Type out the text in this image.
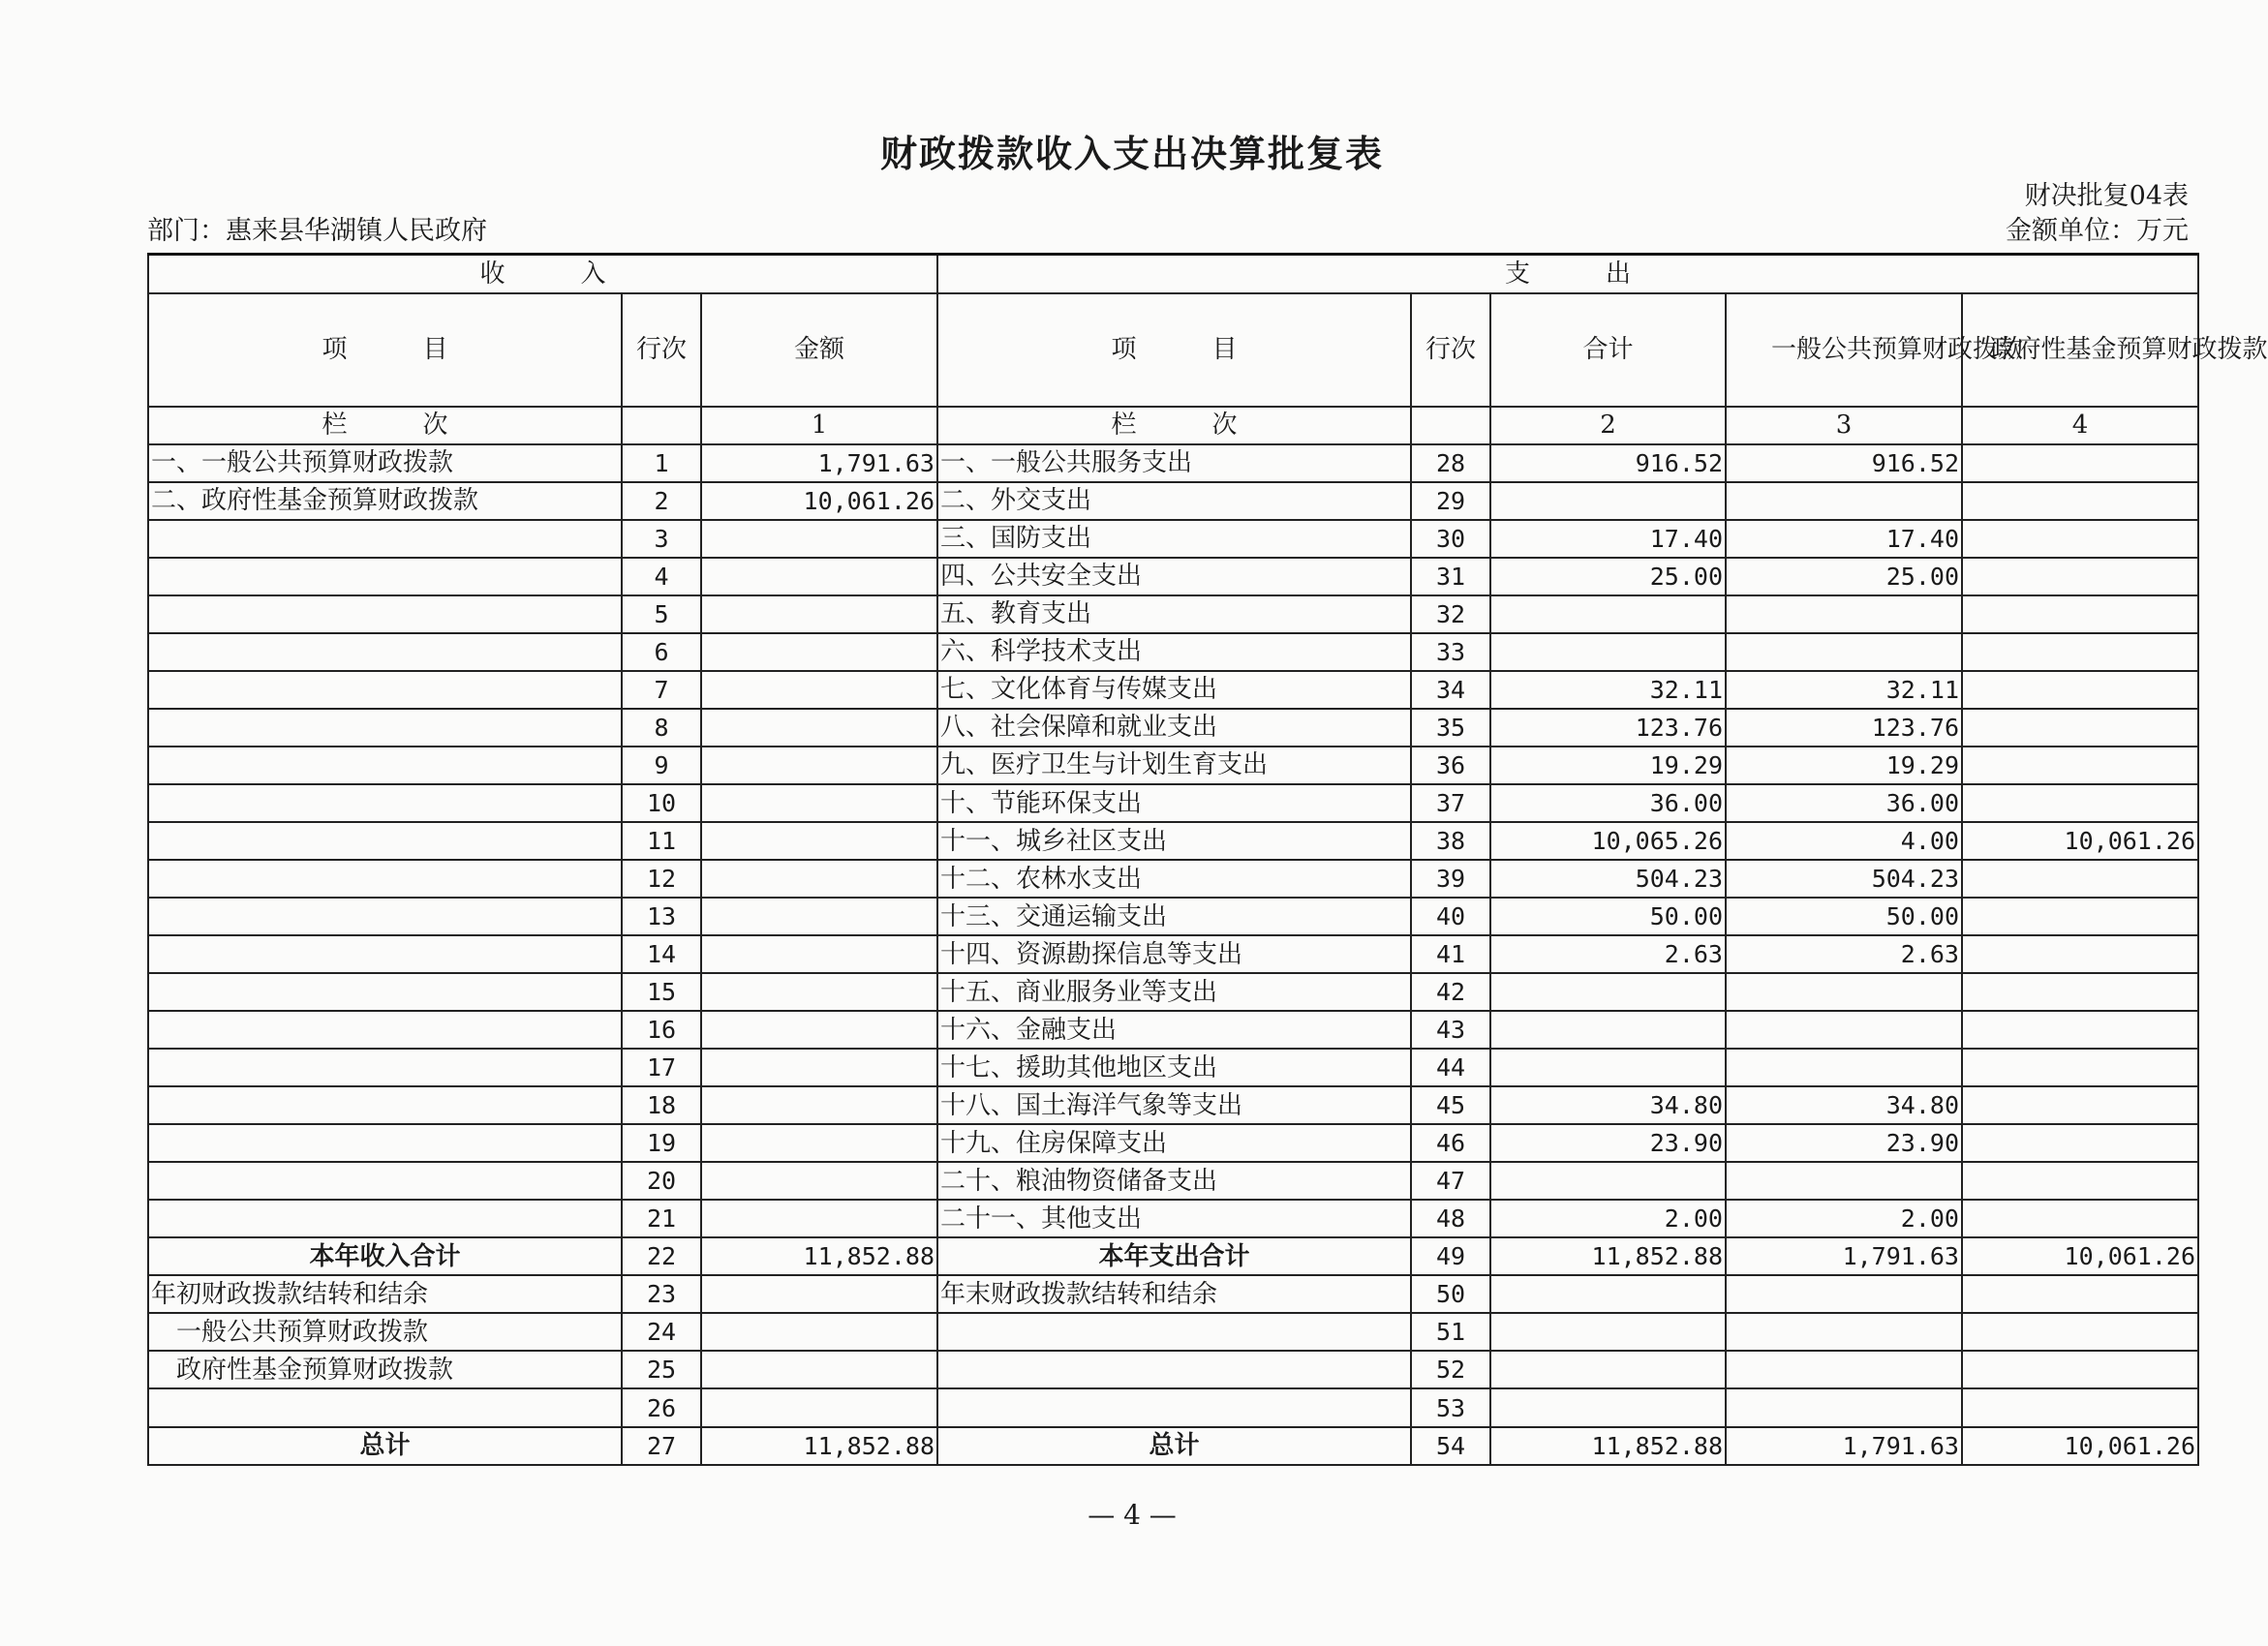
财政拨款收入支出决算批复表
财决批复04表
部门：惠来县华湖镇人民政府	金额单位：万元
收　　　入			支　　　出				
项　　　目	行次	金额	项　　　目	行次	合计	一般公共预算财政拨款	政府性基金预算财政拨款
栏　　　次		1	栏　　　次		2	3	4
一、一般公共预算财政拨款	1	1,791.63	一、一般公共服务支出	28	916.52	916.52	
二、政府性基金预算财政拨款	2	10,061.26	二、外交支出	29			
	3		三、国防支出	30	17.40	17.40	
	4		四、公共安全支出	31	25.00	25.00	
	5		五、教育支出	32			
	6		六、科学技术支出	33			
	7		七、文化体育与传媒支出	34	32.11	32.11	
	8		八、社会保障和就业支出	35	123.76	123.76	
	9		九、医疗卫生与计划生育支出	36	19.29	19.29	
	10		十、节能环保支出	37	36.00	36.00	
	11		十一、城乡社区支出	38	10,065.26	4.00	10,061.26
	12		十二、农林水支出	39	504.23	504.23	
	13		十三、交通运输支出	40	50.00	50.00	
	14		十四、资源勘探信息等支出	41	2.63	2.63	
	15		十五、商业服务业等支出	42			
	16		十六、金融支出	43			
	17		十七、援助其他地区支出	44			
	18		十八、国土海洋气象等支出	45	34.80	34.80	
	19		十九、住房保障支出	46	23.90	23.90	
	20		二十、粮油物资储备支出	47			
	21		二十一、其他支出	48	2.00	2.00	
本年收入合计	22	11,852.88	本年支出合计	49	11,852.88	1,791.63	10,061.26
年初财政拨款结转和结余	23		年末财政拨款结转和结余	50			
一般公共预算财政拨款	24			51			
政府性基金预算财政拨款	25			52			
	26			53			
总计	27	11,852.88	总计	54	11,852.88	1,791.63	10,061.26
— 4 —
